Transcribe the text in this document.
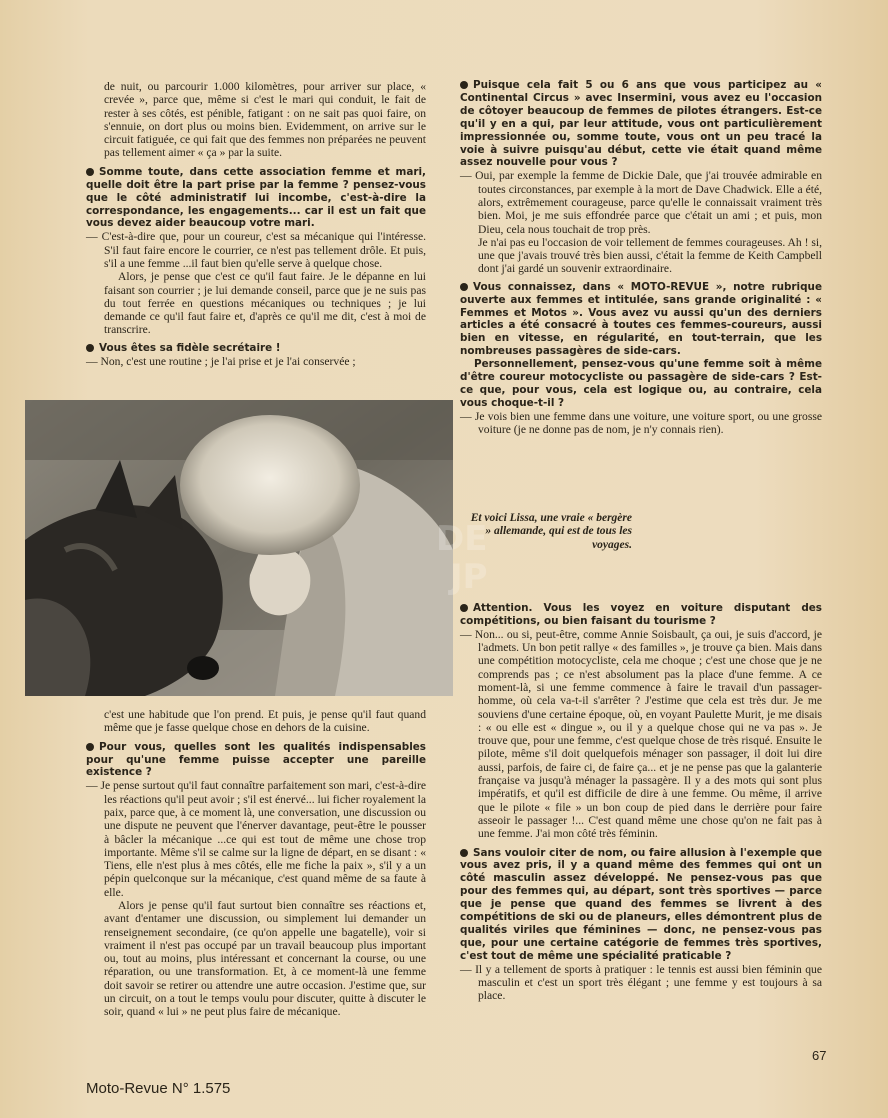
de nuit, ou parcourir 1.000 kilomètres, pour arriver sur place, « crevée », parce que, même si c'est le mari qui conduit, le fait de rester à ses côtés, est pénible, fatigant : on ne sait pas quoi faire, on s'ennuie, on dort plus ou moins bien. Evidemment, on arrive sur le circuit fatiguée, ce qui fait que des femmes non préparées ne peuvent pas tellement aimer « ça » par la suite.

Somme toute, dans cette association femme et mari, quelle doit être la part prise par la femme ? pensez-vous que le côté administratif lui incombe, c'est-à-dire la correspondance, les engagements... car il est un fait que vous devez aider beaucoup votre mari.

— C'est-à-dire que, pour un coureur, c'est sa mécanique qui l'intéresse. S'il faut faire encore le courrier, ce n'est pas tellement drôle. Et puis, s'il a une femme ...il faut bien qu'elle serve à quelque chose.

Alors, je pense que c'est ce qu'il faut faire. Je le dépanne en lui faisant son courrier ; je lui demande conseil, parce que je ne suis pas du tout ferrée en questions mécaniques ou techniques ; je lui demande ce qu'il faut faire et, d'après ce qu'il me dit, c'est à moi de transcrire.

Vous êtes sa fidèle secrétaire !

— Non, c'est une routine ; je l'ai prise et je l'ai conservée ;

DE
JP

c'est une habitude que l'on prend. Et puis, je pense qu'il faut quand même que je fasse quelque chose en dehors de la cuisine.

Pour vous, quelles sont les qualités indispensables pour qu'une femme puisse accepter une pareille existence ?

— Je pense surtout qu'il faut connaître parfaitement son mari, c'est-à-dire les réactions qu'il peut avoir ; s'il est énervé... lui ficher royalement la paix, parce que, à ce moment là, une conversation, une discussion ou une dispute ne peuvent que l'énerver davantage, peut-être le pousser à bâcler la mécanique ...ce qui est tout de même une chose trop importante. Même s'il se calme sur la ligne de départ, en se disant : « Tiens, elle n'est plus à mes côtés, elle me fiche la paix », s'il y a un pépin quelconque sur la mécanique, c'est quand même de sa faute à elle.

Alors je pense qu'il faut surtout bien connaître ses réactions et, avant d'entamer une discussion, ou simplement lui demander un renseignement secondaire, (ce qu'on appelle une bagatelle), voir si vraiment il n'est pas occupé par un travail beaucoup plus important ou, tout au moins, plus intéressant et concernant la course, ou une réparation, ou une transformation. Et, à ce moment-là une femme doit savoir se retirer ou attendre une autre occasion. J'estime que, sur un circuit, on a tout le temps voulu pour discuter, quitte à discuter le soir, quand « lui » ne peut plus faire de mécanique.

Puisque cela fait 5 ou 6 ans que vous participez au « Continental Circus » avec Insermini, vous avez eu l'occasion de côtoyer beaucoup de femmes de pilotes étrangers. Est-ce qu'il y en a qui, par leur attitude, vous ont particulièrement impressionnée ou, somme toute, vous ont un peu tracé la voie à suivre puisqu'au début, cette vie était quand même assez nouvelle pour vous ?

— Oui, par exemple la femme de Dickie Dale, que j'ai trouvée admirable en toutes circonstances, par exemple à la mort de Dave Chadwick. Elle a été, alors, extrêmement courageuse, parce qu'elle le connaissait vraiment très bien. Moi, je me suis effondrée parce que c'était un ami ; et puis, mon Dieu, cela nous touchait de trop près.

Je n'ai pas eu l'occasion de voir tellement de femmes courageuses. Ah ! si, une que j'avais trouvé très bien aussi, c'était la femme de Keith Campbell dont j'ai gardé un souvenir extraordinaire.

Vous connaissez, dans « MOTO-REVUE », notre rubrique ouverte aux femmes et intitulée, sans grande originalité : « Femmes et Motos ». Vous avez vu aussi qu'un des derniers articles a été consacré à toutes ces femmes-coureurs, aussi bien en vitesse, en régularité, en tout-terrain, que les nombreuses passagères de side-cars.

Personnellement, pensez-vous qu'une femme soit à même d'être coureur motocycliste ou passagère de side-cars ? Est-ce que, pour vous, cela est logique ou, au contraire, cela vous choque-t-il ?

— Je vois bien une femme dans une voiture, une voiture sport, ou une grosse voiture (je ne donne pas de nom, je n'y connais rien).

Et voici Lissa, une vraie « bergère » allemande, qui est de tous les voyages.

Attention. Vous les voyez en voiture disputant des compétitions, ou bien faisant du tourisme ?

— Non... ou si, peut-être, comme Annie Soisbault, ça oui, je suis d'accord, je l'admets. Un bon petit rallye « des familles », je trouve ça bien. Mais dans une compétition motocycliste, cela me choque ; c'est une chose que je ne comprends pas ; ce n'est absolument pas la place d'une femme. A ce moment-là, si une femme commence à faire le travail d'un passager-homme, où cela va-t-il s'arrêter ? J'estime que cela est très dur. Je me souviens d'une certaine époque, où, en voyant Paulette Murit, je me disais : « ou elle est « dingue », ou il y a quelque chose qui ne va pas ». Je trouve que, pour une femme, c'est quelque chose de très risqué. Ensuite le pilote, même s'il doit quelquefois ménager son passager, il doit lui dire aussi, parfois, de faire ci, de faire ça... et je ne pense pas que la galanterie française va jusqu'à ménager la passagère. Il y a des mots qui sont plus impératifs, et qu'il est difficile de dire à une femme. Ou même, il arrive que le pilote « file » un bon coup de pied dans le derrière pour faire asseoir le passager !... C'est quand même une chose qu'on ne fait pas à une femme. J'ai mon côté très féminin.

Sans vouloir citer de nom, ou faire allusion à l'exemple que vous avez pris, il y a quand même des femmes qui ont un côté masculin assez développé. Ne pensez-vous pas que pour des femmes qui, au départ, sont très sportives — parce que je pense que quand des femmes se livrent à des compétitions de ski ou de planeurs, elles démontrent plus de qualités viriles que féminines — donc, ne pensez-vous pas que, pour une certaine catégorie de femmes très sportives, c'est tout de même une spécialité praticable ?

— Il y a tellement de sports à pratiquer : le tennis est aussi bien féminin que masculin et c'est un sport très élégant ; une femme y est toujours à sa place.

Moto-Revue N° 1.575
67
